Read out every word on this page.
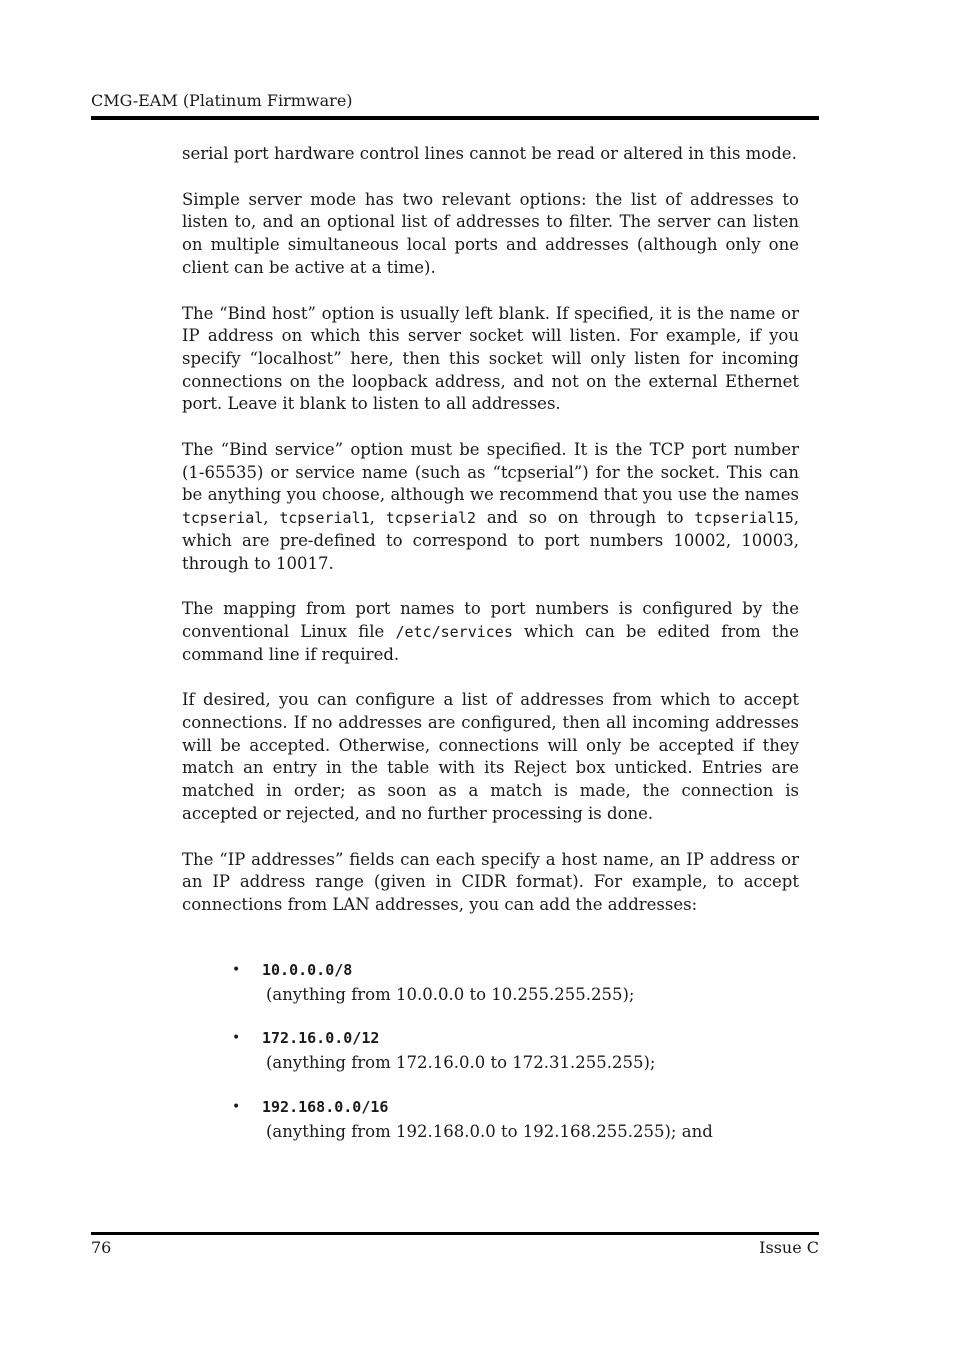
CMG-EAM (Platinum Firmware)

serial port hardware control lines cannot be read or altered in this mode.

Simple server mode has two relevant options: the list of addresses to listen to, and an optional list of addresses to filter. The server can listen on multiple simultaneous local ports and addresses (although only one client can be active at a time).

The “Bind host” option is usually left blank. If specified, it is the name or IP address on which this server socket will listen. For example, if you specify “localhost” here, then this socket will only listen for incoming connections on the loopback address, and not on the external Ethernet port. Leave it blank to listen to all addresses.

The “Bind service” option must be specified. It is the TCP port number (1-65535) or service name (such as “tcpserial”) for the socket. This can be anything you choose, although we recommend that you use the names tcpserial, tcpserial1, tcpserial2 and so on through to tcpserial15, which are pre-defined to correspond to port numbers 10002, 10003, through to 10017.

The mapping from port names to port numbers is configured by the conventional Linux file /etc/services which can be edited from the command line if required.

If desired, you can configure a list of addresses from which to accept connections. If no addresses are configured, then all incoming addresses will be accepted. Otherwise, connections will only be accepted if they match an entry in the table with its Reject box unticked. Entries are matched in order; as soon as a match is made, the connection is accepted or rejected, and no further processing is done.

The “IP addresses” fields can each specify a host name, an IP address or an IP address range (given in CIDR format). For example, to accept connections from LAN addresses, you can add the addresses:

• 10.0.0.0/8
(anything from 10.0.0.0 to 10.255.255.255);
• 172.16.0.0/12
(anything from 172.16.0.0 to 172.31.255.255);
• 192.168.0.0/16
(anything from 192.168.0.0 to 192.168.255.255); and
76	Issue C
